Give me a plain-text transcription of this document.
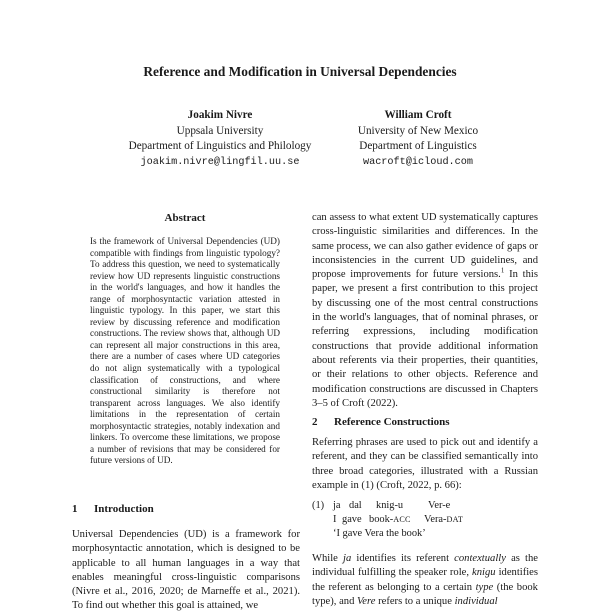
Reference and Modification in Universal Dependencies
Joakim Nivre
Uppsala University
Department of Linguistics and Philology
joakim.nivre@lingfil.uu.se
William Croft
University of New Mexico
Department of Linguistics
wacroft@icloud.com
Abstract
Is the framework of Universal Dependencies (UD) compatible with findings from linguistic typology? To address this question, we need to systematically review how UD represents linguistic constructions in the world's languages, and how it handles the range of morphosyntactic variation attested in linguistic typology. In this paper, we start this review by discussing reference and modification constructions. The review shows that, although UD can represent all major constructions in this area, there are a number of cases where UD categories do not align systematically with a typological classification of constructions, and where constructional similarity is therefore not transparent across languages. We also identify limitations in the representation of certain morphosyntactic strategies, notably indexation and linkers. To overcome these limitations, we propose a number of revisions that may be considered for future versions of UD.
1 Introduction
Universal Dependencies (UD) is a framework for morphosyntactic annotation, which is designed to be applicable to all human languages in a way that enables meaningful cross-linguistic comparisons (Nivre et al., 2016, 2020; de Marneffe et al., 2021). To find out whether this goal is attained, we
can assess to what extent UD systematically captures cross-linguistic similarities and differences. In the same process, we can also gather evidence of gaps or inconsistencies in the current UD guidelines, and propose improvements for future versions.$^1$ In this paper, we present a first contribution to this project by discussing one of the most central constructions in the world's languages, that of nominal phrases, or referring expressions, including modification constructions that provide additional information about referents via their properties, their quantities, or their relations to other objects. Reference and modification constructions are discussed in Chapters 3–5 of Croft (2022).
2 Reference Constructions
Referring phrases are used to pick out and identify a referent, and they can be classified semantically into three broad categories, illustrated with a Russian example in (1) (Croft, 2022, p. 66):
(1) ja dal knig-u Ver-e
I gave book-ACC Vera-DAT
‘I gave Vera the book’
While ja identifies its referent contextually as the individual fulfilling the speaker role, knigu identifies the referent as belonging to a certain type (the book type), and Vere refers to a unique individual
